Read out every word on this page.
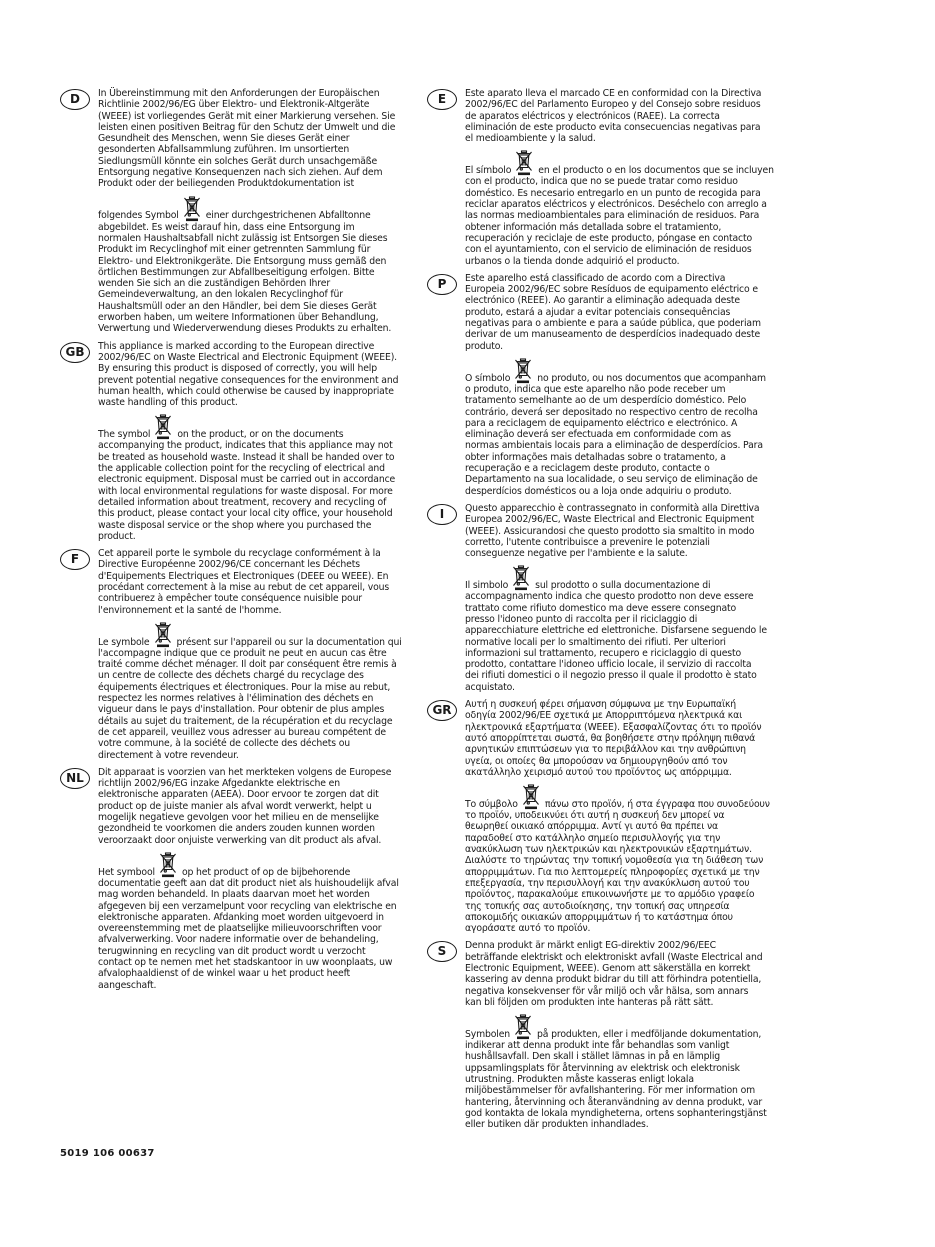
D	In Übereinstimmung mit den Anforderungen der Europäischen Richtlinie 2002/96/EG über Elektro- und Elektronik-Altgeräte (WEEE) ist vorliegendes Gerät mit einer Markierung versehen. Sie leisten einen positiven Beitrag für den Schutz der Umwelt und die Gesundheit des Menschen, wenn Sie dieses Gerät einer gesonderten Abfallsammlung zuführen. Im unsortierten Siedlungsmüll könnte ein solches Gerät durch unsachgemäße Entsorgung negative Konsequenzen nach sich ziehen. Auf dem Produkt oder der beiliegenden Produktdokumentation ist

folgendes Symbol	einer durchgestrichenen Abfalltonne

abgebildet. Es weist darauf hin, dass eine Entsorgung im normalen Haushaltsabfall nicht zulässig ist Entsorgen Sie dieses Produkt im Recyclinghof mit einer getrennten Sammlung für Elektro- und Elektronikgeräte. Die Entsorgung muss gemäß den örtlichen Bestimmungen zur Abfallbeseitigung erfolgen. Bitte wenden Sie sich an die zuständigen Behörden Ihrer Gemeindeverwaltung, an den lokalen Recyclinghof für Haushaltsmüll oder an den Händler, bei dem Sie dieses Gerät erworben haben, um weitere Informationen über Behandlung, Verwertung und Wiederverwendung dieses Produkts zu erhalten.

GB	This appliance is marked according to the European directive 2002/96/EC on Waste Electrical and Electronic Equipment (WEEE). By ensuring this product is disposed of correctly, you will help prevent potential negative consequences for the environment and human health, which could otherwise be caused by inappropriate waste handling of this product.

The symbol	on the product, or on the documents

accompanying the product, indicates that this appliance may not be treated as household waste. Instead it shall be handed over to the applicable collection point for the recycling of electrical and electronic equipment. Disposal must be carried out in accordance with local environmental regulations for waste disposal. For more detailed information about treatment, recovery and recycling of this product, please contact your local city office, your household waste disposal service or the shop where you purchased the product.

F	Cet appareil porte le symbole du recyclage conformément à la Directive Européenne 2002/96/CE concernant les Déchets d'Equipements Electriques et Electroniques (DEEE ou WEEE). En procédant correctement à la mise au rebut de cet appareil, vous contribuerez à empêcher toute conséquence nuisible pour l'environnement et la santé de l'homme.

Le symbole	présent sur l'appareil ou sur la documentation qui

l'accompagne indique que ce produit ne peut en aucun cas être traité comme déchet ménager. Il doit par conséquent être remis à un centre de collecte des déchets chargé du recyclage des équipements électriques et électroniques. Pour la mise au rebut, respectez les normes relatives à l'élimination des déchets en vigueur dans le pays d'installation. Pour obtenir de plus amples détails au sujet du traitement, de la récupération et du recyclage de cet appareil, veuillez vous adresser au bureau compétent de votre commune, à la société de collecte des déchets ou directement à votre revendeur.

NL	Dit apparaat is voorzien van het merkteken volgens de Europese richtlijn 2002/96/EG inzake Afgedankte elektrische en elektronische apparaten (AEEA). Door ervoor te zorgen dat dit product op de juiste manier als afval wordt verwerkt, helpt u mogelijk negatieve gevolgen voor het milieu en de menselijke gezondheid te voorkomen die anders zouden kunnen worden veroorzaakt door onjuiste verwerking van dit product als afval.

Het symbool	op het product of op de bijbehorende

documentatie geeft aan dat dit product niet als huishoudelijk afval mag worden behandeld. In plaats daarvan moet het worden afgegeven bij een verzamelpunt voor recycling van elektrische en elektronische apparaten. Afdanking moet worden uitgevoerd in overeenstemming met de plaatselijke milieuvoorschriften voor afvalverwerking. Voor nadere informatie over de behandeling, terugwinning en recycling van dit product wordt u verzocht contact op te nemen met het stadskantoor in uw woonplaats, uw afvalophaaldienst of de winkel waar u het product heeft aangeschaft.

E	Este aparato lleva el marcado CE en conformidad con la Directiva 2002/96/EC del Parlamento Europeo y del Consejo sobre residuos de aparatos eléctricos y electrónicos (RAEE). La correcta eliminación de este producto evita consecuencias negativas para el medioambiente y la salud.

El símbolo	en el producto o en los documentos que se incluyen

con el producto, indica que no se puede tratar como residuo doméstico. Es necesario entregarlo en un punto de recogida para reciclar aparatos eléctricos y electrónicos. Deséchelo con arreglo a las normas medioambientales para eliminación de residuos. Para obtener información más detallada sobre el tratamiento, recuperación y reciclaje de este producto, póngase en contacto con el ayuntamiento, con el servicio de eliminación de residuos urbanos o la tienda donde adquirió el producto.

P	Este aparelho está classificado de acordo com a Directiva Europeia 2002/96/EC sobre Resíduos de equipamento eléctrico e electrónico (REEE). Ao garantir a eliminação adequada deste produto, estará a ajudar a evitar potenciais consequências negativas para o ambiente e para a saúde pública, que poderiam derivar de um manuseamento de desperdícios inadequado deste produto.

O símbolo	no produto, ou nos documentos que acompanham

o produto, indica que este aparelho não pode receber um tratamento semelhante ao de um desperdício doméstico. Pelo contrário, deverá ser depositado no respectivo centro de recolha para a reciclagem de equipamento eléctrico e electrónico. A eliminação deverá ser efectuada em conformidade com as normas ambientais locais para a eliminação de desperdícios. Para obter informações mais detalhadas sobre o tratamento, a recuperação e a reciclagem deste produto, contacte o Departamento na sua localidade, o seu serviço de eliminação de desperdícios domésticos ou a loja onde adquiriu o produto.

I	Questo apparecchio è contrassegnato in conformità alla Direttiva Europea 2002/96/EC, Waste Electrical and Electronic Equipment (WEEE). Assicurandosi che questo prodotto sia smaltito in modo corretto, l'utente contribuisce a prevenire le potenziali conseguenze negative per l'ambiente e la salute.

Il simbolo	sul prodotto o sulla documentazione di

accompagnamento indica che questo prodotto non deve essere trattato come rifiuto domestico ma deve essere consegnato presso l'idoneo punto di raccolta per il riciclaggio di apparecchiature elettriche ed elettroniche. Disfarsene seguendo le normative locali per lo smaltimento dei rifiuti. Per ulteriori informazioni sul trattamento, recupero e riciclaggio di questo prodotto, contattare l'idoneo ufficio locale, il servizio di raccolta dei rifiuti domestici o il negozio presso il quale il prodotto è stato acquistato.

GR	Αυτή η συσκευή φέρει σήμανση σύμφωνα με την Ευρωπαϊκή οδηγία 2002/96/ΕΕ σχετικά με Απορριπτόμενα ηλεκτρικά και ηλεκτρονικά εξαρτήματα (WEEE). Εξασφαλίζοντας ότι το προϊόν αυτό απορρίπτεται σωστά, θα βοηθήσετε στην πρόληψη πιθανά αρνητικών επιπτώσεων για το περιβάλλον και την ανθρώπινη υγεία, οι οποίες θα μπορούσαν να δημιουργηθούν από τον ακατάλληλο χειρισμό αυτού του προϊόντος ως απόρριμμα.

Το σύμβολο	πάνω στο προϊόν, ή στα έγγραφα που συνοδεύουν

το προϊόν, υποδεικνύει ότι αυτή η συσκευή δεν μπορεί να θεωρηθεί οικιακό απόρριμμα. Αντί γι αυτό θα πρέπει να παραδοθεί στο κατάλληλο σημείο περισυλλογής για την ανακύκλωση των ηλεκτρικών και ηλεκτρονικών εξαρτημάτων. Διαλύστε το τηρώντας την τοπική νομοθεσία για τη διάθεση των απορριμμάτων. Για πιο λεπτομερείς πληροφορίες σχετικά με την επεξεργασία, την περισυλλογή και την ανακύκλωση αυτού του προϊόντος, παρακαλούμε επικοινωνήστε με το αρμόδιο γραφείο της τοπικής σας αυτοδιοίκησης, την τοπική σας υπηρεσία αποκομιδής οικιακών απορριμμάτων ή το κατάστημα όπου αγοράσατε αυτό το προϊόν.

S	Denna produkt är märkt enligt EG-direktiv 2002/96/EEC beträffande elektriskt och elektroniskt avfall (Waste Electrical and Electronic Equipment, WEEE). Genom att säkerställa en korrekt kassering av denna produkt bidrar du till att förhindra potentiella, negativa konsekvenser för vår miljö och vår hälsa, som annars kan bli följden om produkten inte hanteras på rätt sätt.

Symbolen	på produkten, eller i medföljande dokumentation,

indikerar att denna produkt inte får behandlas som vanligt hushållsavfall. Den skall i stället lämnas in på en lämplig uppsamlingsplats för återvinning av elektrisk och elektronisk utrustning. Produkten måste kasseras enligt lokala miljöbestämmelser för avfallshantering. För mer information om hantering, återvinning och återanvändning av denna produkt, var god kontakta de lokala myndigheterna, ortens sophanteringstjänst eller butiken där produkten inhandlades.

5019 106 00637
